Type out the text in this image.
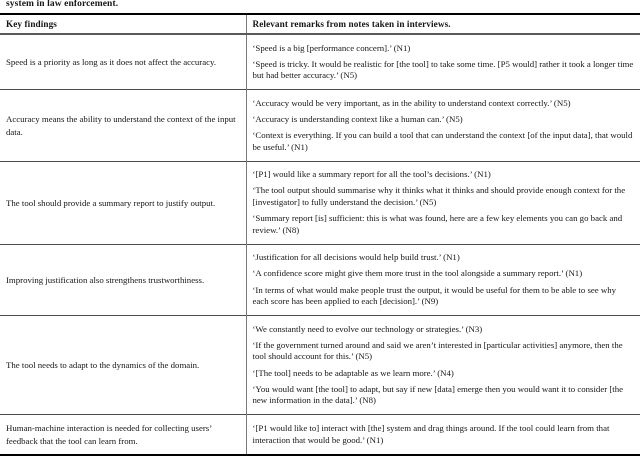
system in law enforcement.
Key findings	Relevant remarks from notes taken in interviews.

Speed is a priority as long as it does not affect the accuracy.	‘Speed is a big [performance concern].’ (N1)

‘Speed is tricky. It would be realistic for [the tool] to take some time. [P5 would] rather it took a longer time but had better accuracy.’ (N5)

Accuracy means the ability to understand the context of the input data.	‘Accuracy would be very important, as in the ability to understand context correctly.’ (N5)

‘Accuracy is understanding context like a human can.’ (N5)

‘Context is everything. If you can build a tool that can understand the context [of the input data], that would be useful.’ (N1)

The tool should provide a summary report to justify output.	‘[P1] would like a summary report for all the tool’s decisions.’ (N1)

‘The tool output should summarise why it thinks what it thinks and should provide enough context for the [investigator] to fully understand the decision.’ (N5)

‘Summary report [is] sufficient: this is what was found, here are a few key elements you can go back and review.’ (N8)

Improving justification also strengthens trustworthiness.	‘Justification for all decisions would help build trust.’ (N1)

‘A confidence score might give them more trust in the tool alongside a summary report.’ (N1)

‘In terms of what would make people trust the output, it would be useful for them to be able to see why each score has been applied to each [decision].’ (N9)

The tool needs to adapt to the dynamics of the domain.	‘We constantly need to evolve our technology or strategies.’ (N3)

‘If the government turned around and said we aren’t interested in [particular activities] anymore, then the tool should account for this.’ (N5)

‘[The tool] needs to be adaptable as we learn more.’ (N4)

‘You would want [the tool] to adapt, but say if new [data] emerge then you would want it to consider [the new information in the data].’ (N8)

Human-machine interaction is needed for collecting users’ feedback that the tool can learn from.	‘[P1 would like to] interact with [the] system and drag things around. If the tool could learn from that interaction that would be good.’ (N1)
